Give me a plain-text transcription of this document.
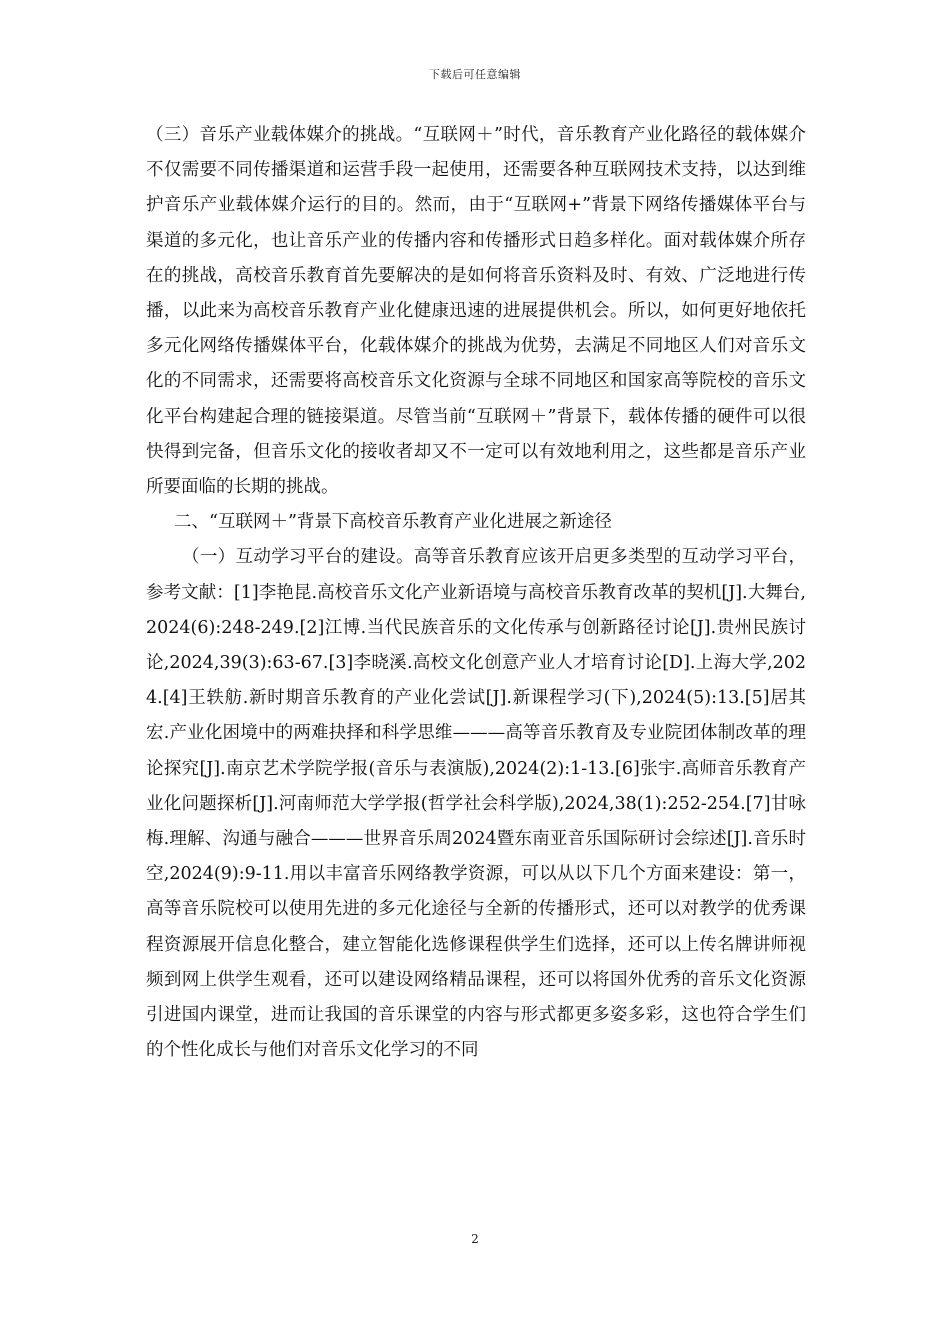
下载后可任意编辑

（三）音乐产业载体媒介的挑战。“互联网＋”时代，音乐教育产业化路径的载体媒介不仅需要不同传播渠道和运营手段一起使用，还需要各种互联网技术支持，以达到维护音乐产业载体媒介运行的目的。然而，由于“互联网+”背景下网络传播媒体平台与渠道的多元化，也让音乐产业的传播内容和传播形式日趋多样化。面对载体媒介所存在的挑战，高校音乐教育首先要解决的是如何将音乐资料及时、有效、广泛地进行传播，以此来为高校音乐教育产业化健康迅速的进展提供机会。所以，如何更好地依托多元化网络传播媒体平台，化载体媒介的挑战为优势，去满足不同地区人们对音乐文化的不同需求，还需要将高校音乐文化资源与全球不同地区和国家高等院校的音乐文化平台构建起合理的链接渠道。尽管当前“互联网＋”背景下，载体传播的硬件可以很快得到完备，但音乐文化的接收者却又不一定可以有效地利用之，这些都是音乐产业所要面临的长期的挑战。

二、“互联网＋”背景下高校音乐教育产业化进展之新途径

（一）互动学习平台的建设。高等音乐教育应该开启更多类型的互动学习平台，参考文献：[1]李艳昆.高校音乐文化产业新语境与高校音乐教育改革的契机[J].大舞台,2024(6):248-249.[2]江博.当代民族音乐的文化传承与创新路径讨论[J].贵州民族讨论,2024,39(3):63-67.[3]李晓溪.高校文化创意产业人才培育讨论[D].上海大学,2024.[4]王轶舫.新时期音乐教育的产业化尝试[J].新课程学习(下),2024(5):13.[5]居其宏.产业化困境中的两难抉择和科学思维———高等音乐教育及专业院团体制改革的理论探究[J].南京艺术学院学报(音乐与表演版),2024(2):1-13.[6]张宇.高师音乐教育产业化问题探析[J].河南师范大学学报(哲学社会科学版),2024,38(1):252-254.[7]甘咏梅.理解、沟通与融合———世界音乐周2024暨东南亚音乐国际研讨会综述[J].音乐时空,2024(9):9-11.用以丰富音乐网络教学资源，可以从以下几个方面来建设：第一，高等音乐院校可以使用先进的多元化途径与全新的传播形式，还可以对教学的优秀课程资源展开信息化整合，建立智能化选修课程供学生们选择，还可以上传名牌讲师视频到网上供学生观看，还可以建设网络精品课程，还可以将国外优秀的音乐文化资源引进国内课堂，进而让我国的音乐课堂的内容与形式都更多姿多彩，这也符合学生们的个性化成长与他们对音乐文化学习的不同

2
